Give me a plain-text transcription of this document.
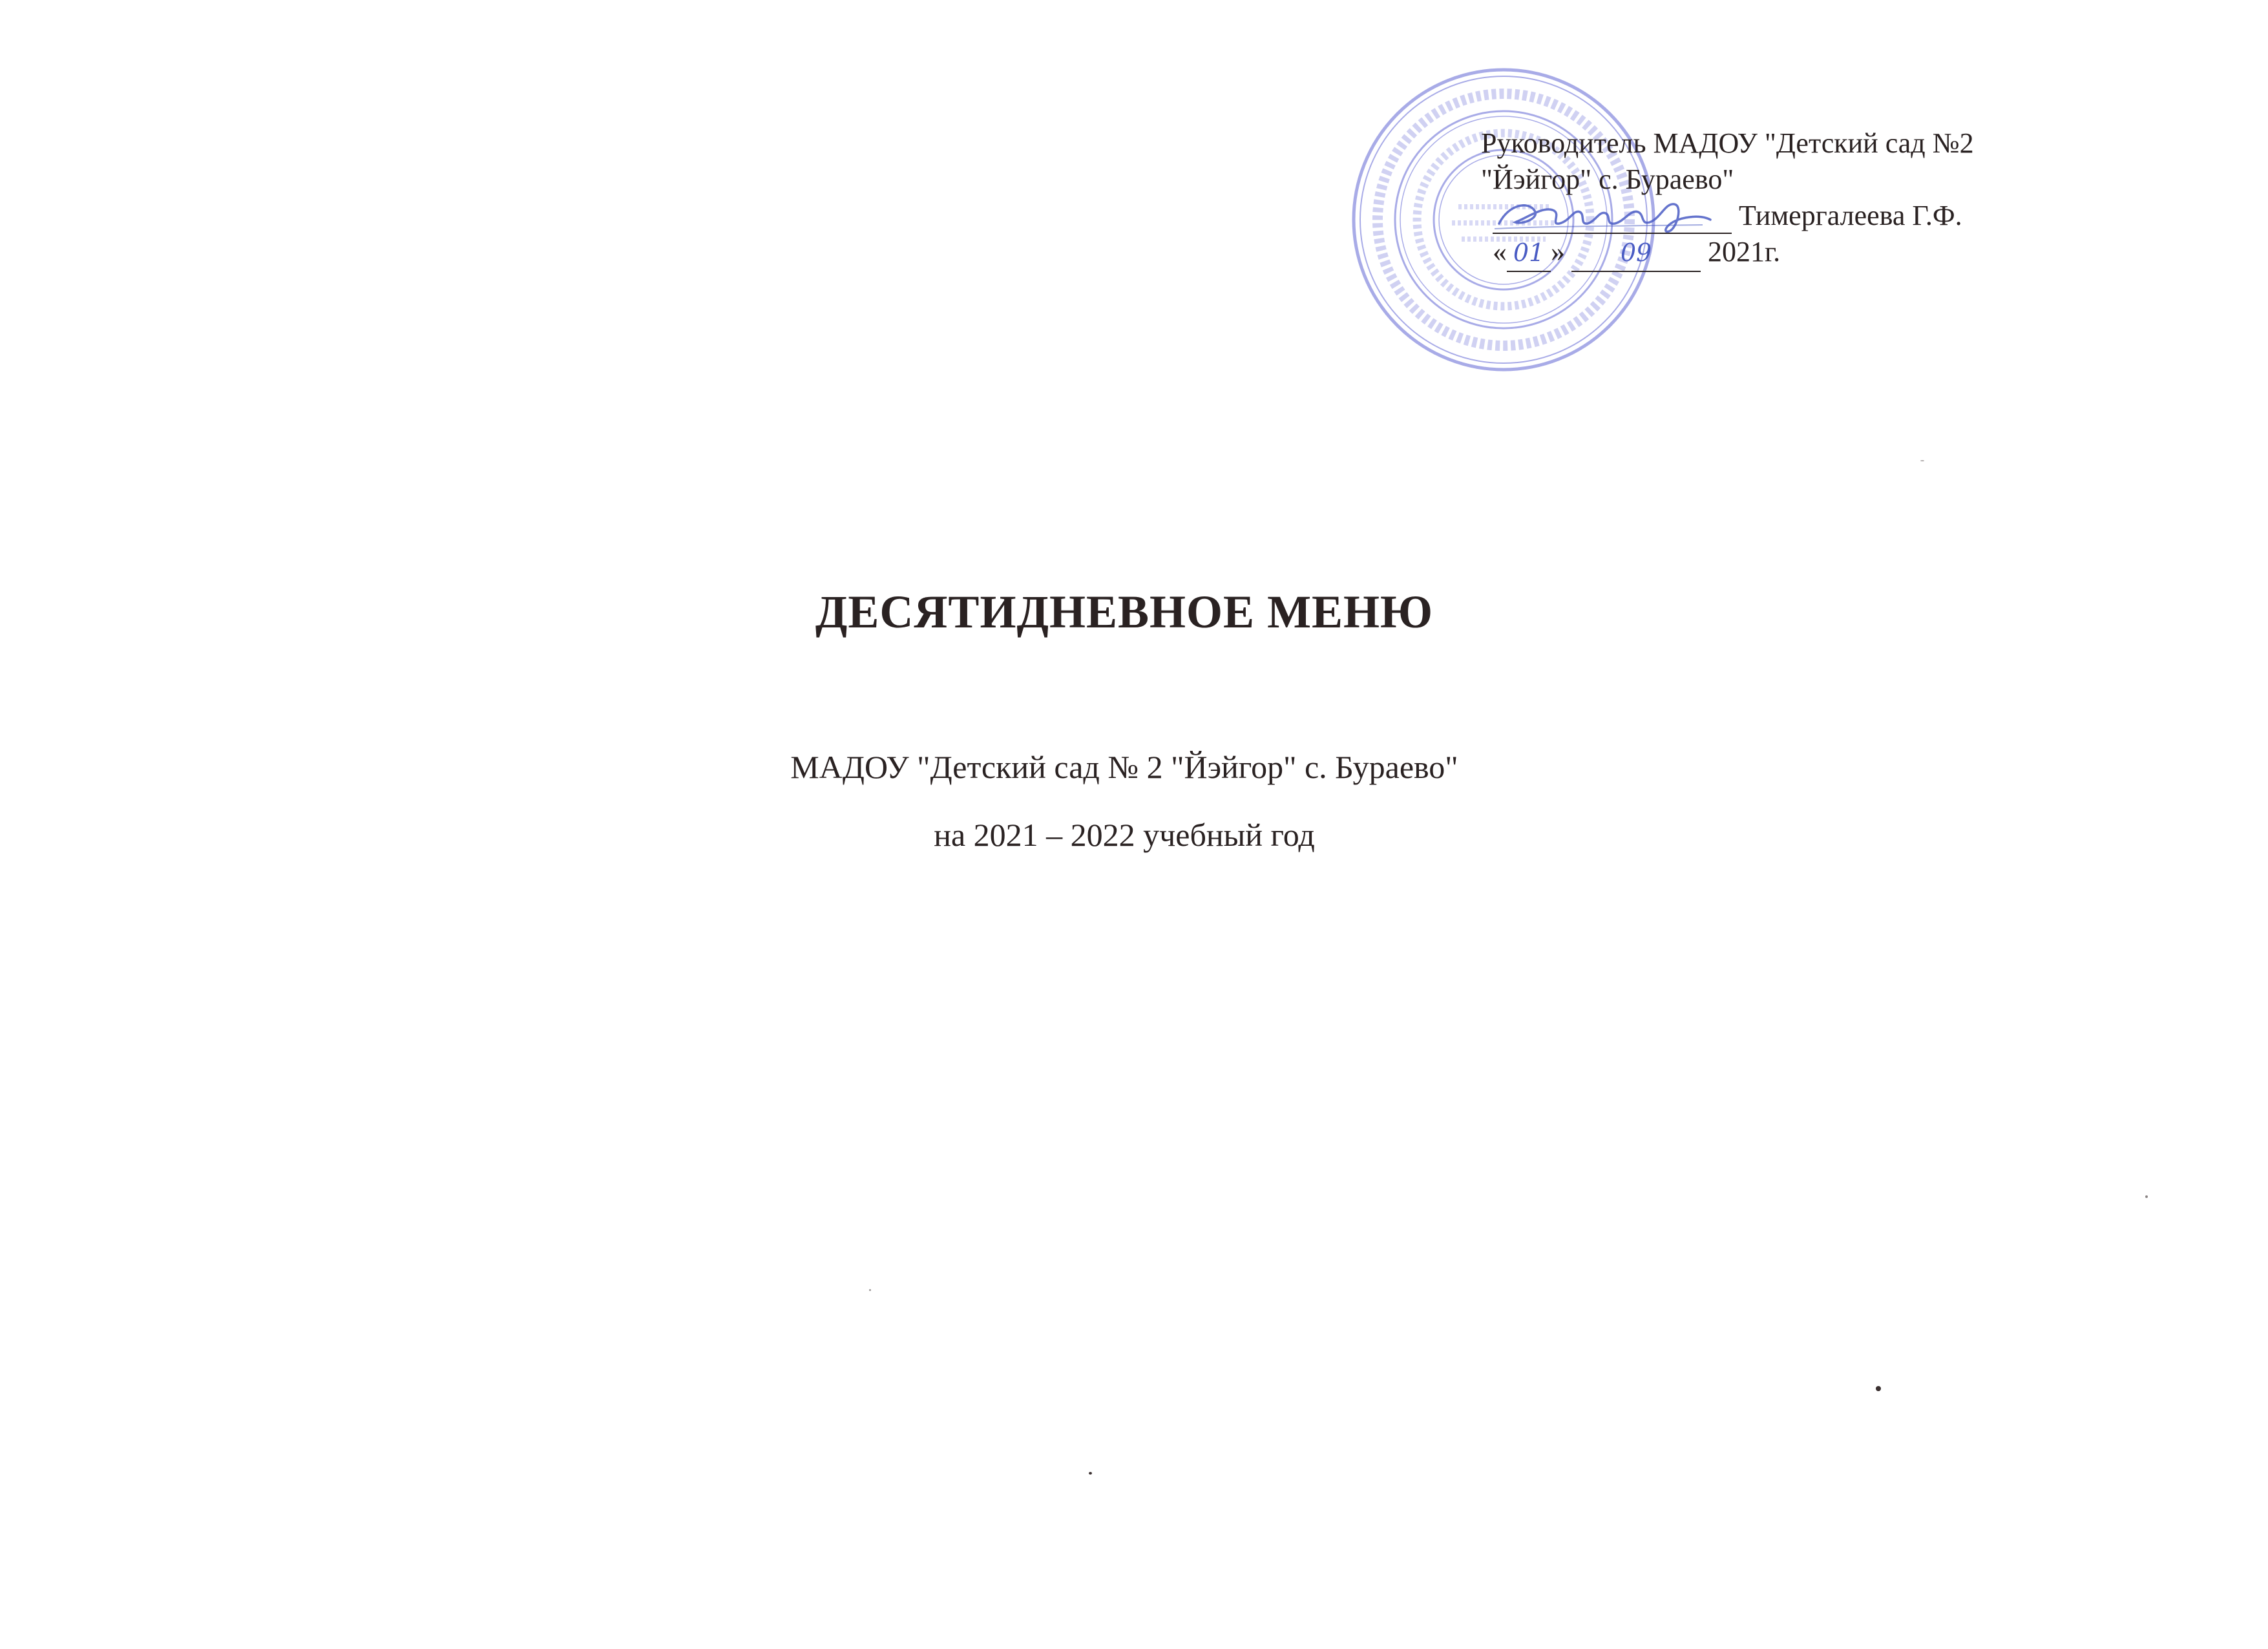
Руководитель МАДОУ "Детский сад №2
"Йэйгор" с. Бураево"
Тимергалеева Г.Ф.
« 01 » 09 2021г.
ДЕСЯТИДНЕВНОЕ МЕНЮ
МАДОУ "Детский сад № 2 "Йэйгор" с. Бураево"
на 2021 – 2022 учебный год
